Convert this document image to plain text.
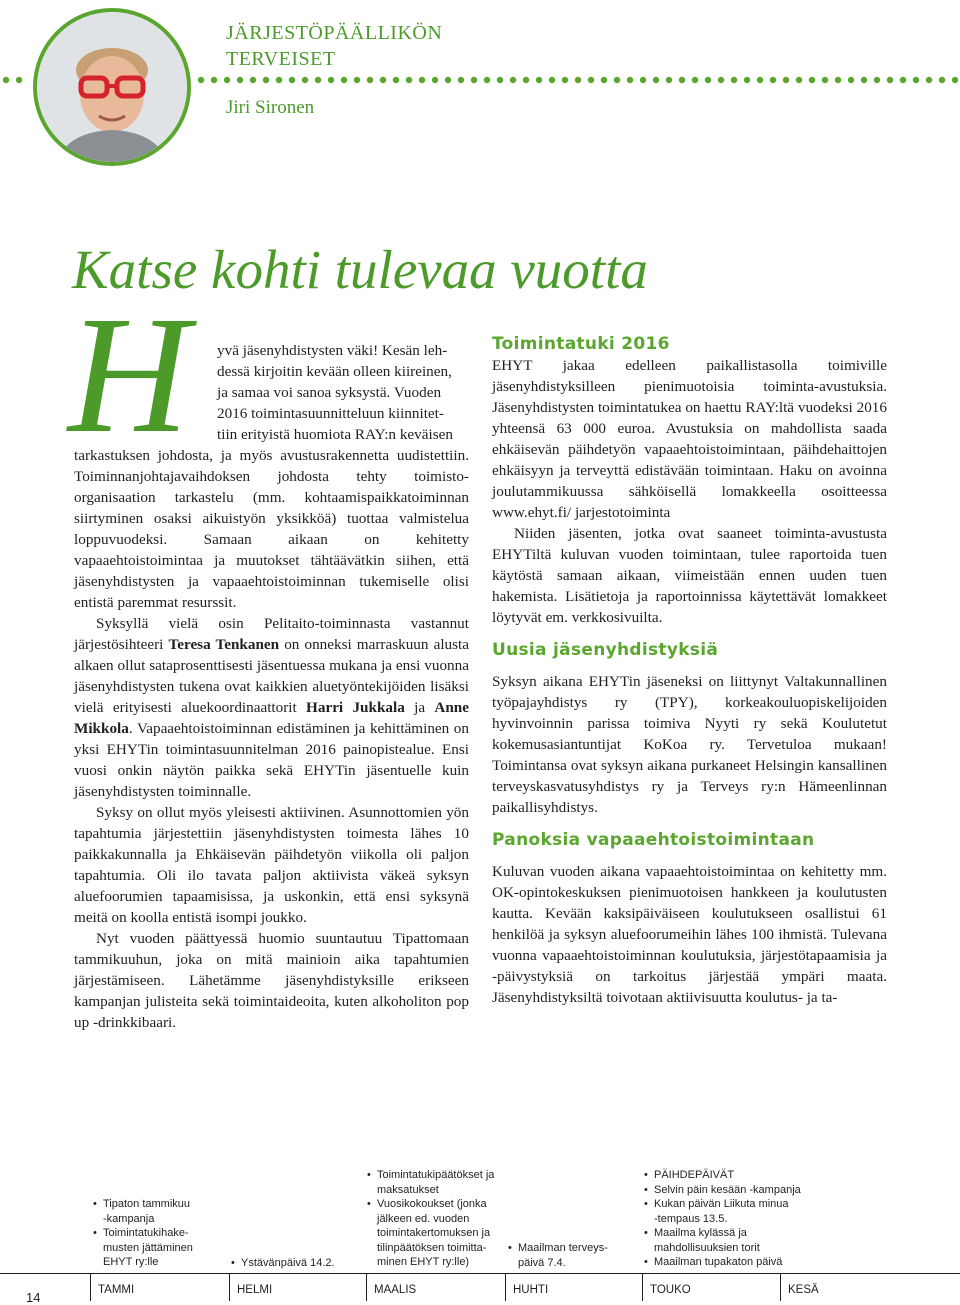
JÄRJESTÖPÄÄLLIKÖN
TERVEISET
Jiri Sironen
Katse kohti tulevaa vuotta
H yvä jäsenyhdistysten väki! Kesän leh-
dessä kirjoitin kevään olleen kiireinen,
ja samaa voi sanoa syksystä. Vuoden
2016 toimintasuunnitteluun kiinnitet-
tiin erityistä huomiota RAY:n keväisen

tarkastuksen johdosta, ja myös avustusrakennetta uudistettiin. Toiminnanjohtajavaihdoksen johdosta tehty toimisto-organisaation tarkastelu (mm. kohtaamispaikkatoiminnan siirtyminen osaksi aikuistyön yksikköä) tuottaa valmistelua loppuvuodeksi. Samaan aikaan on kehitetty vapaaehtoistoimintaa ja muutokset tähtäävätkin siihen, että jäsenyhdistysten ja vapaaehtoistoiminnan tukemiselle olisi entistä paremmat resurssit.

Syksyllä vielä osin Pelitaito-toiminnasta vastannut järjestösihteeri Teresa Tenkanen on onneksi marraskuun alusta alkaen ollut sataprosenttisesti jäsentuessa mukana ja ensi vuonna jäsenyhdistysten tukena ovat kaikkien aluetyöntekijöiden lisäksi vielä erityisesti aluekoordinaattorit Harri Jukkala ja Anne Mikkola. Vapaaehtoistoiminnan edistäminen ja kehittäminen on yksi EHYTin toimintasuunnitelman 2016 painopistealue. Ensi vuosi onkin näytön paikka sekä EHYTin jäsentuelle kuin jäsenyhdistysten toiminnalle.

Syksy on ollut myös yleisesti aktiivinen. Asunnottomien yön tapahtumia järjestettiin jäsenyhdistysten toimesta lähes 10 paikkakunnalla ja Ehkäisevän päihdetyön viikolla oli paljon tapahtumia. Oli ilo tavata paljon aktiivista väkeä syksyn aluefoorumien tapaamisissa, ja uskonkin, että ensi syksynä meitä on koolla entistä isompi joukko.

Nyt vuoden päättyessä huomio suuntautuu Tipattomaan tammikuuhun, joka on mitä mainioin aika tapahtumien järjestämiseen. Lähetämme jäsenyhdistyksille erikseen kampanjan julisteita sekä toimintaideoita, kuten alkoholiton pop up -drinkkibaari.

Toimintatuki 2016

EHYT jakaa edelleen paikallistasolla toimiville jäsenyhdistyksilleen pienimuotoisia toiminta-avustuksia. Jäsenyhdistysten toimintatukea on haettu RAY:ltä vuodeksi 2016 yhteensä 63 000 euroa. Avustuksia on mahdollista saada ehkäisevän päihdetyön vapaaehtoistoimintaan, päihdehaittojen ehkäisyyn ja terveyttä edistävään toimintaan. Haku on avoinna joulutammikuussa sähköisellä lomakkeella osoitteessa www.ehyt.fi/ jarjestotoiminta

Niiden jäsenten, jotka ovat saaneet toiminta-avustusta EHYTiltä kuluvan vuoden toimintaan, tulee raportoida tuen käytöstä samaan aikaan, viimeistään ennen uuden tuen hakemista. Lisätietoja ja raportoinnissa käytettävät lomakkeet löytyvät em. verkkosivuilta.

Uusia jäsenyhdistyksiä

Syksyn aikana EHYTin jäseneksi on liittynyt Valtakunnallinen työpajayhdistys ry (TPY), korkeakouluopiskelijoiden hyvinvoinnin parissa toimiva Nyyti ry sekä Koulutetut kokemusasiantuntijat KoKoa ry. Tervetuloa mukaan! Toimintansa ovat syksyn aikana purkaneet Helsingin kansallinen terveyskasvatusyhdistys ry ja Terveys ry:n Hämeenlinnan paikallisyhdistys.

Panoksia vapaaehtoistoimintaan

Kuluvan vuoden aikana vapaaehtoistoimintaa on kehitetty mm. OK-opintokeskuksen pienimuotoisen hankkeen ja koulutusten kautta. Kevään kaksipäiväiseen koulutukseen osallistui 61 henkilöä ja syksyn aluefoorumeihin lähes 100 ihmistä. Tulevana vuonna vapaaehtoistoiminnan koulutuksia, järjestötapaamisia ja -päivystyksiä on tarkoitus järjestää ympäri maata. Jäsenyhdistyksiltä toivotaan aktiivisuutta koulutus- ja ta-

• Tipaton tammikuu
-kampanja
• Toimintatukihake-
musten jättäminen
EHYT ry:lle
•	Ystävänpäivä 14.2.
• Toimintatukipäätökset ja
maksatukset
• Vuosikokoukset (jonka
jälkeen ed. vuoden
toimintakertomuksen ja
tilinpäätöksen toimitta-
minen EHYT ry:lle)
• Maailman terveys-
päivä 7.4.
• PÄIHDEPÄIVÄT
• Selvin päin kesään -kampanja
• Kukan päivän Liikuta minua
-tempaus 13.5.
• Maailma kylässä ja
mahdollisuuksien torit
• Maailman tupakaton päivä
14	TAMMI	HELMI	MAALIS	HUHTI	TOUKO	KESÄ
